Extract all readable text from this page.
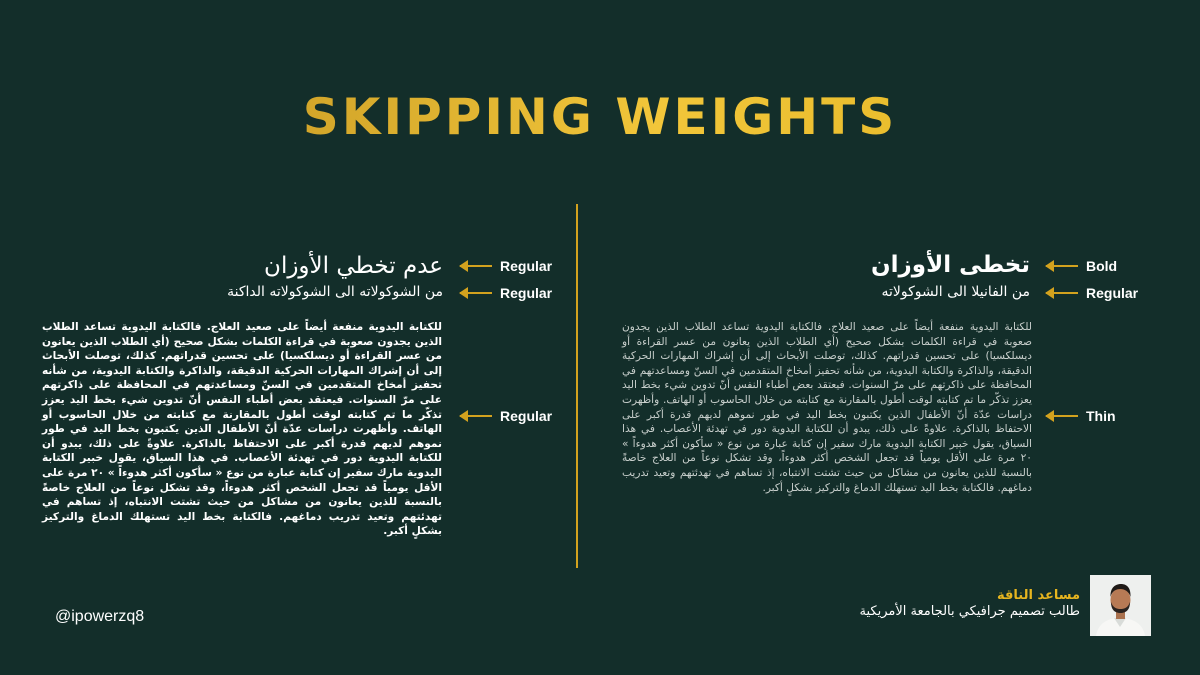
SKIPPING WEIGHTS
عدم تخطي الأوزان
من الشوكولاته الى الشوكولاته الداكنة
للكتابة اليدوية منفعة أيضاً على صعيد العلاج. فالكتابة اليدوية تساعد الطلاب الذين يجدون صعوبة في قراءة الكلمات بشكل صحيح (أي الطلاب الذين يعانون من عسر القراءة أو ديسلكسيا) على تحسين قدراتهم. كذلك، توصلت الأبحاث إلى أن إشراك المهارات الحركية الدقيقة، والذاكرة والكتابة اليدوية، من شأنه تحفيز أمخاخ المتقدمين في السنّ ومساعدتهم في المحافظة على ذاكرتهم على مرّ السنوات. فيعتقد بعض أطباء النفس أنّ تدوين شيء بخط اليد يعزز تذكّر ما تم كتابته لوقت أطول بالمقارنة مع كتابته من خلال الحاسوب أو الهاتف. وأظهرت دراسات عدّة أنّ الأطفال الذين يكتبون بخط اليد في طور نموهم لديهم قدرة أكبر على الاحتفاظ بالذاكرة. علاوةً على ذلك، يبدو أن للكتابة اليدوية دور في تهدئة الأعصاب. في هذا السياق، يقول خبير الكتابة اليدوية مارك سفير إن كتابة عبارة من نوع « سأكون أكثر هدوءاً » ٢٠ مرة على الأقل يومياً قد تجعل الشخص أكثر هدوءاً، وقد تشكل نوعاً من العلاج خاصةً بالنسبة للذين يعانون من مشاكل من حيث تشتت الانتباه، إذ تساهم في تهدئتهم وتعيد تدريب دماغهم. فالكتابة بخط اليد تستهلك الدماغ والتركيز بشكلٍ أكبر.
Regular
Regular
Regular
تخطى الأوزان
من الفانيلا الى الشوكولاته
للكتابة اليدوية منفعة أيضاً على صعيد العلاج. فالكتابة اليدوية تساعد الطلاب الذين يجدون صعوبة في قراءة الكلمات بشكل صحيح (أي الطلاب الذين يعانون من عسر القراءة أو ديسلكسيا) على تحسين قدراتهم. كذلك، توصلت الأبحاث إلى أن إشراك المهارات الحركية الدقيقة، والذاكرة والكتابة اليدوية، من شأنه تحفيز أمخاخ المتقدمين في السنّ ومساعدتهم في المحافظة على ذاكرتهم على مرّ السنوات. فيعتقد بعض أطباء النفس أنّ تدوين شيء بخط اليد يعزز تذكّر ما تم كتابته لوقت أطول بالمقارنة مع كتابته من خلال الحاسوب أو الهاتف. وأظهرت دراسات عدّة أنّ الأطفال الذين يكتبون بخط اليد في طور نموهم لديهم قدرة أكبر على الاحتفاظ بالذاكرة. علاوةً على ذلك، يبدو أن للكتابة اليدوية دور في تهدئة الأعصاب. في هذا السياق، يقول خبير الكتابة اليدوية مارك سفير إن كتابة عبارة من نوع « سأكون أكثر هدوءاً » ٢٠ مرة على الأقل يومياً قد تجعل الشخص أكثر هدوءاً، وقد تشكل نوعاً من العلاج خاصةً بالنسبة للذين يعانون من مشاكل من حيث تشتت الانتباه، إذ تساهم في تهدئتهم وتعيد تدريب دماغهم. فالكتابة بخط اليد تستهلك الدماغ والتركيز بشكلٍ أكبر.
Bold
Regular
Thin
@ipowerzq8
مساعد الناقة
طالب تصميم جرافيكي بالجامعة الأمريكية
